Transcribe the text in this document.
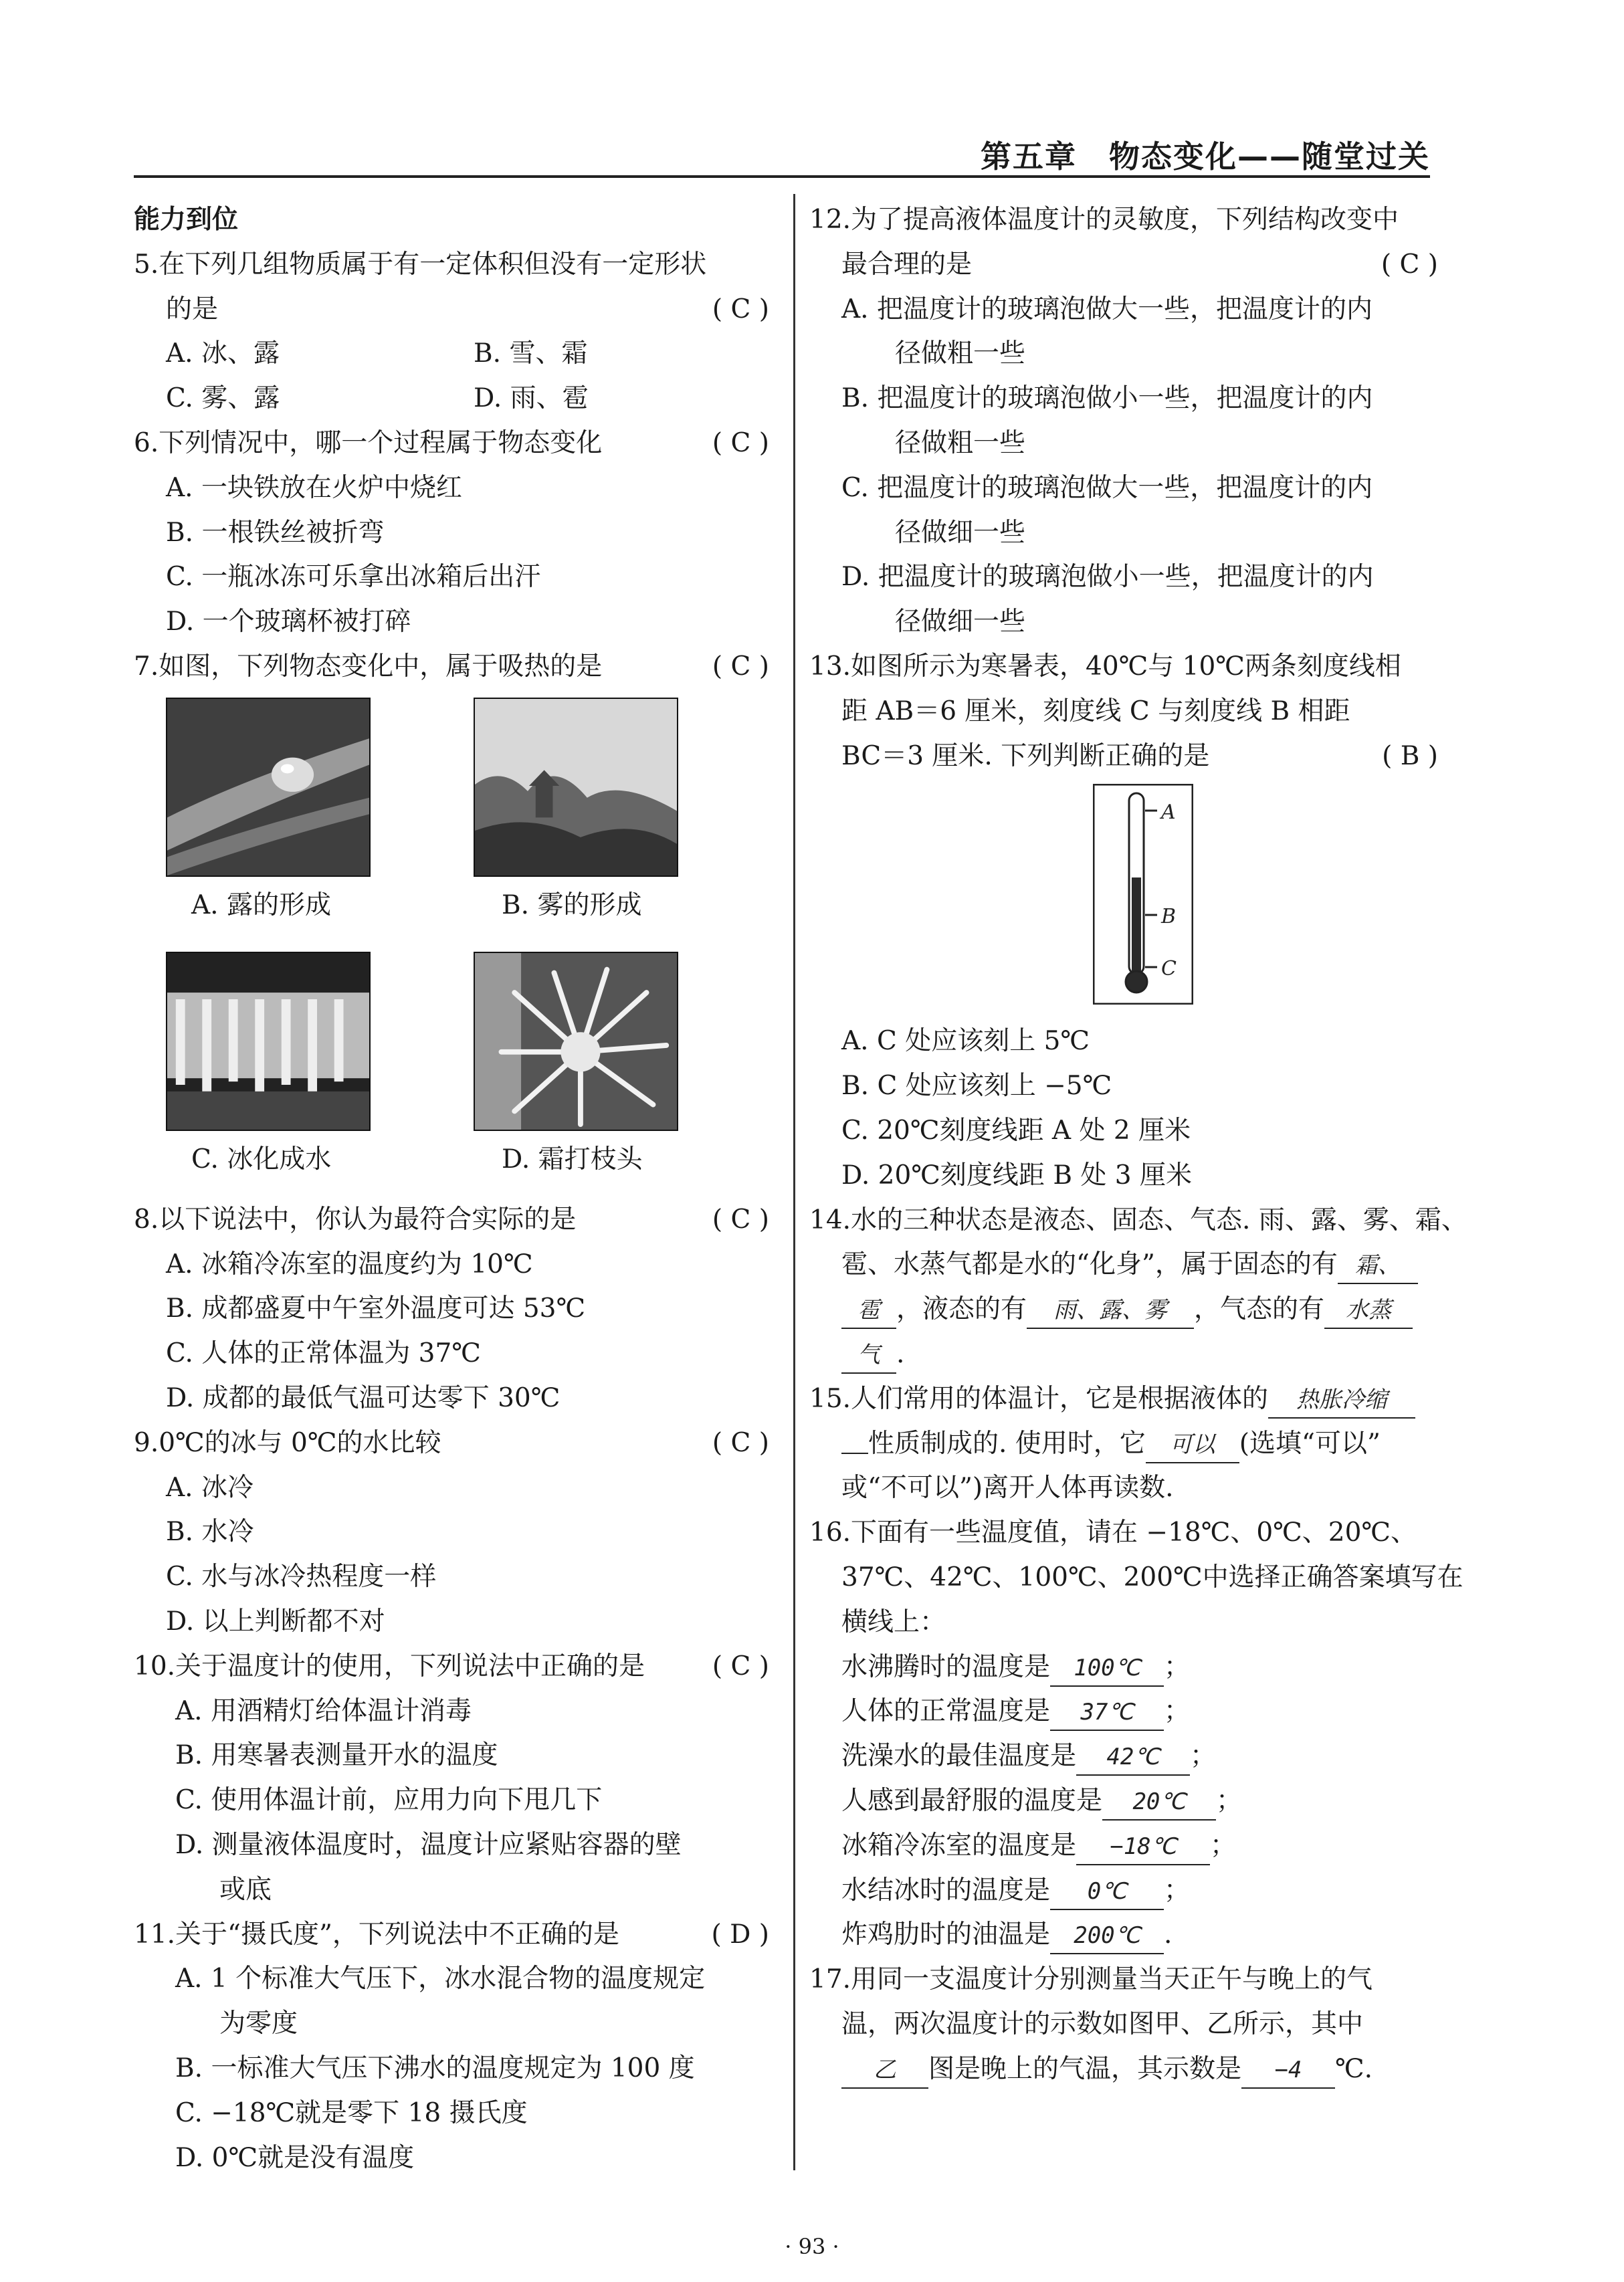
第五章　物态变化——随堂过关
能力到位
5.在下列几组物质属于有一定体积但没有一定形状
的是	( C )
A. 冰、露	B. 雪、霜
C. 雾、露	D. 雨、雹
6.下列情况中，哪一个过程属于物态变化	( C )
A. 一块铁放在火炉中烧红
B. 一根铁丝被折弯
C. 一瓶冰冻可乐拿出冰箱后出汗
D. 一个玻璃杯被打碎
7.如图，下列物态变化中，属于吸热的是	( C )
A. 露的形成	B. 雾的形成
C. 冰化成水	D. 霜打枝头
8.以下说法中，你认为最符合实际的是	( C )
A. 冰箱冷冻室的温度约为 10℃
B. 成都盛夏中午室外温度可达 53℃
C. 人体的正常体温为 37℃
D. 成都的最低气温可达零下 30℃
9.0℃的冰与 0℃的水比较	( C )
A. 冰冷
B. 水冷
C. 水与冰冷热程度一样
D. 以上判断都不对
10.关于温度计的使用，下列说法中正确的是	( C )
A. 用酒精灯给体温计消毒
B. 用寒暑表测量开水的温度
C. 使用体温计前，应用力向下甩几下
D. 测量液体温度时，温度计应紧贴容器的壁
或底
11.关于“摄氏度”，下列说法中不正确的是	( D )
A. 1 个标准大气压下，冰水混合物的温度规定
为零度
B. 一标准大气压下沸水的温度规定为 100 度
C. −18℃就是零下 18 摄氏度
D. 0℃就是没有温度
12.为了提高液体温度计的灵敏度，下列结构改变中
最合理的是	( C )
A. 把温度计的玻璃泡做大一些，把温度计的内
径做粗一些
B. 把温度计的玻璃泡做小一些，把温度计的内
径做粗一些
C. 把温度计的玻璃泡做大一些，把温度计的内
径做细一些
D. 把温度计的玻璃泡做小一些，把温度计的内
径做细一些
13.如图所示为寒暑表，40℃与 10℃两条刻度线相
距 AB＝6 厘米，刻度线 C 与刻度线 B 相距
BC＝3 厘米. 下列判断正确的是	( B )
A
B
C
A. C 处应该刻上 5℃
B. C 处应该刻上 −5℃
C. 20℃刻度线距 A 处 2 厘米
D. 20℃刻度线距 B 处 3 厘米
14.水的三种状态是液态、固态、气态. 雨、露、雾、霜、
雹、水蒸气都是水的“化身”，属于固态的有 霜、
雹 ，液态的有 雨、露、雾 ，气态的有 水蒸
气 .
15.人们常用的体温计，它是根据液体的 热胀冷缩
性质制成的. 使用时，它 可以 (选填“可以”
或“不可以”)离开人体再读数.
16.下面有一些温度值，请在 −18℃、0℃、20℃、
37℃、42℃、100℃、200℃中选择正确答案填写在
横线上：
水沸腾时的温度是 100℃ ；
人体的正常温度是 37℃ ；
洗澡水的最佳温度是 42℃ ；
人感到最舒服的温度是 20℃ ；
冰箱冷冻室的温度是 −18℃ ；
水结冰时的温度是 0℃ ；
炸鸡肋时的油温是 200℃ .
17.用同一支温度计分别测量当天正午与晚上的气
温，两次温度计的示数如图甲、乙所示，其中
乙 图是晚上的气温，其示数是 −4 ℃.
· 93 ·
